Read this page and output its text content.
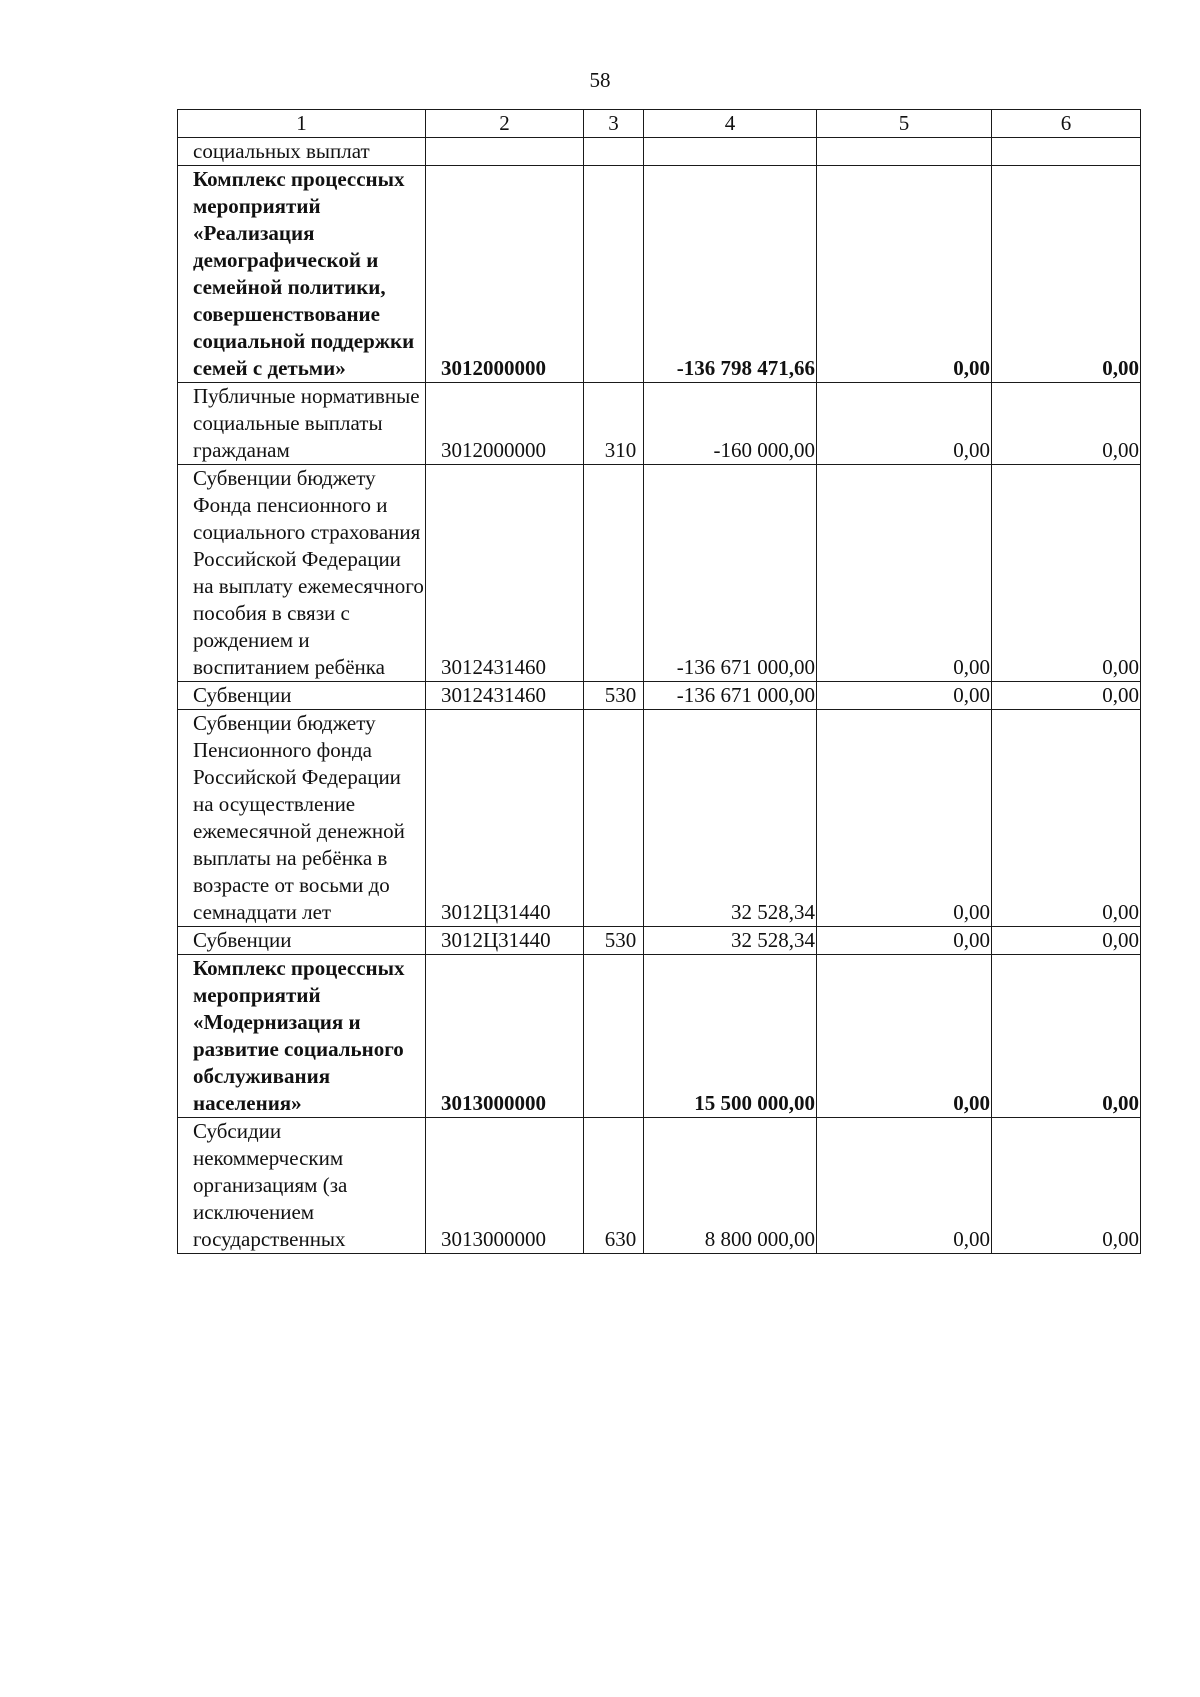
58
1	2	3	4	5	6
социальных выплат					
Комплекс процессных мероприятий «Реализация демографической и семейной политики, совершенствование социальной поддержки семей с детьми»	3012000000		-136 798 471,66	0,00	0,00
Публичные нормативные социальные выплаты гражданам	3012000000	310	-160 000,00	0,00	0,00
Субвенции бюджету Фонда пенсионного и социального страхования Российской Федерации на выплату ежемесячного пособия в связи с рождением и воспитанием ребёнка	3012431460		-136 671 000,00	0,00	0,00
Субвенции	3012431460	530	-136 671 000,00	0,00	0,00
Субвенции бюджету Пенсионного фонда Российской Федерации на осуществление ежемесячной денежной выплаты на ребёнка в возрасте от восьми до семнадцати лет	3012Ц31440		32 528,34	0,00	0,00
Субвенции	3012Ц31440	530	32 528,34	0,00	0,00
Комплекс процессных мероприятий «Модернизация и развитие социального обслуживания населения»	3013000000		15 500 000,00	0,00	0,00
Субсидии некоммерческим организациям (за исключением государственных	3013000000	630	8 800 000,00	0,00	0,00
